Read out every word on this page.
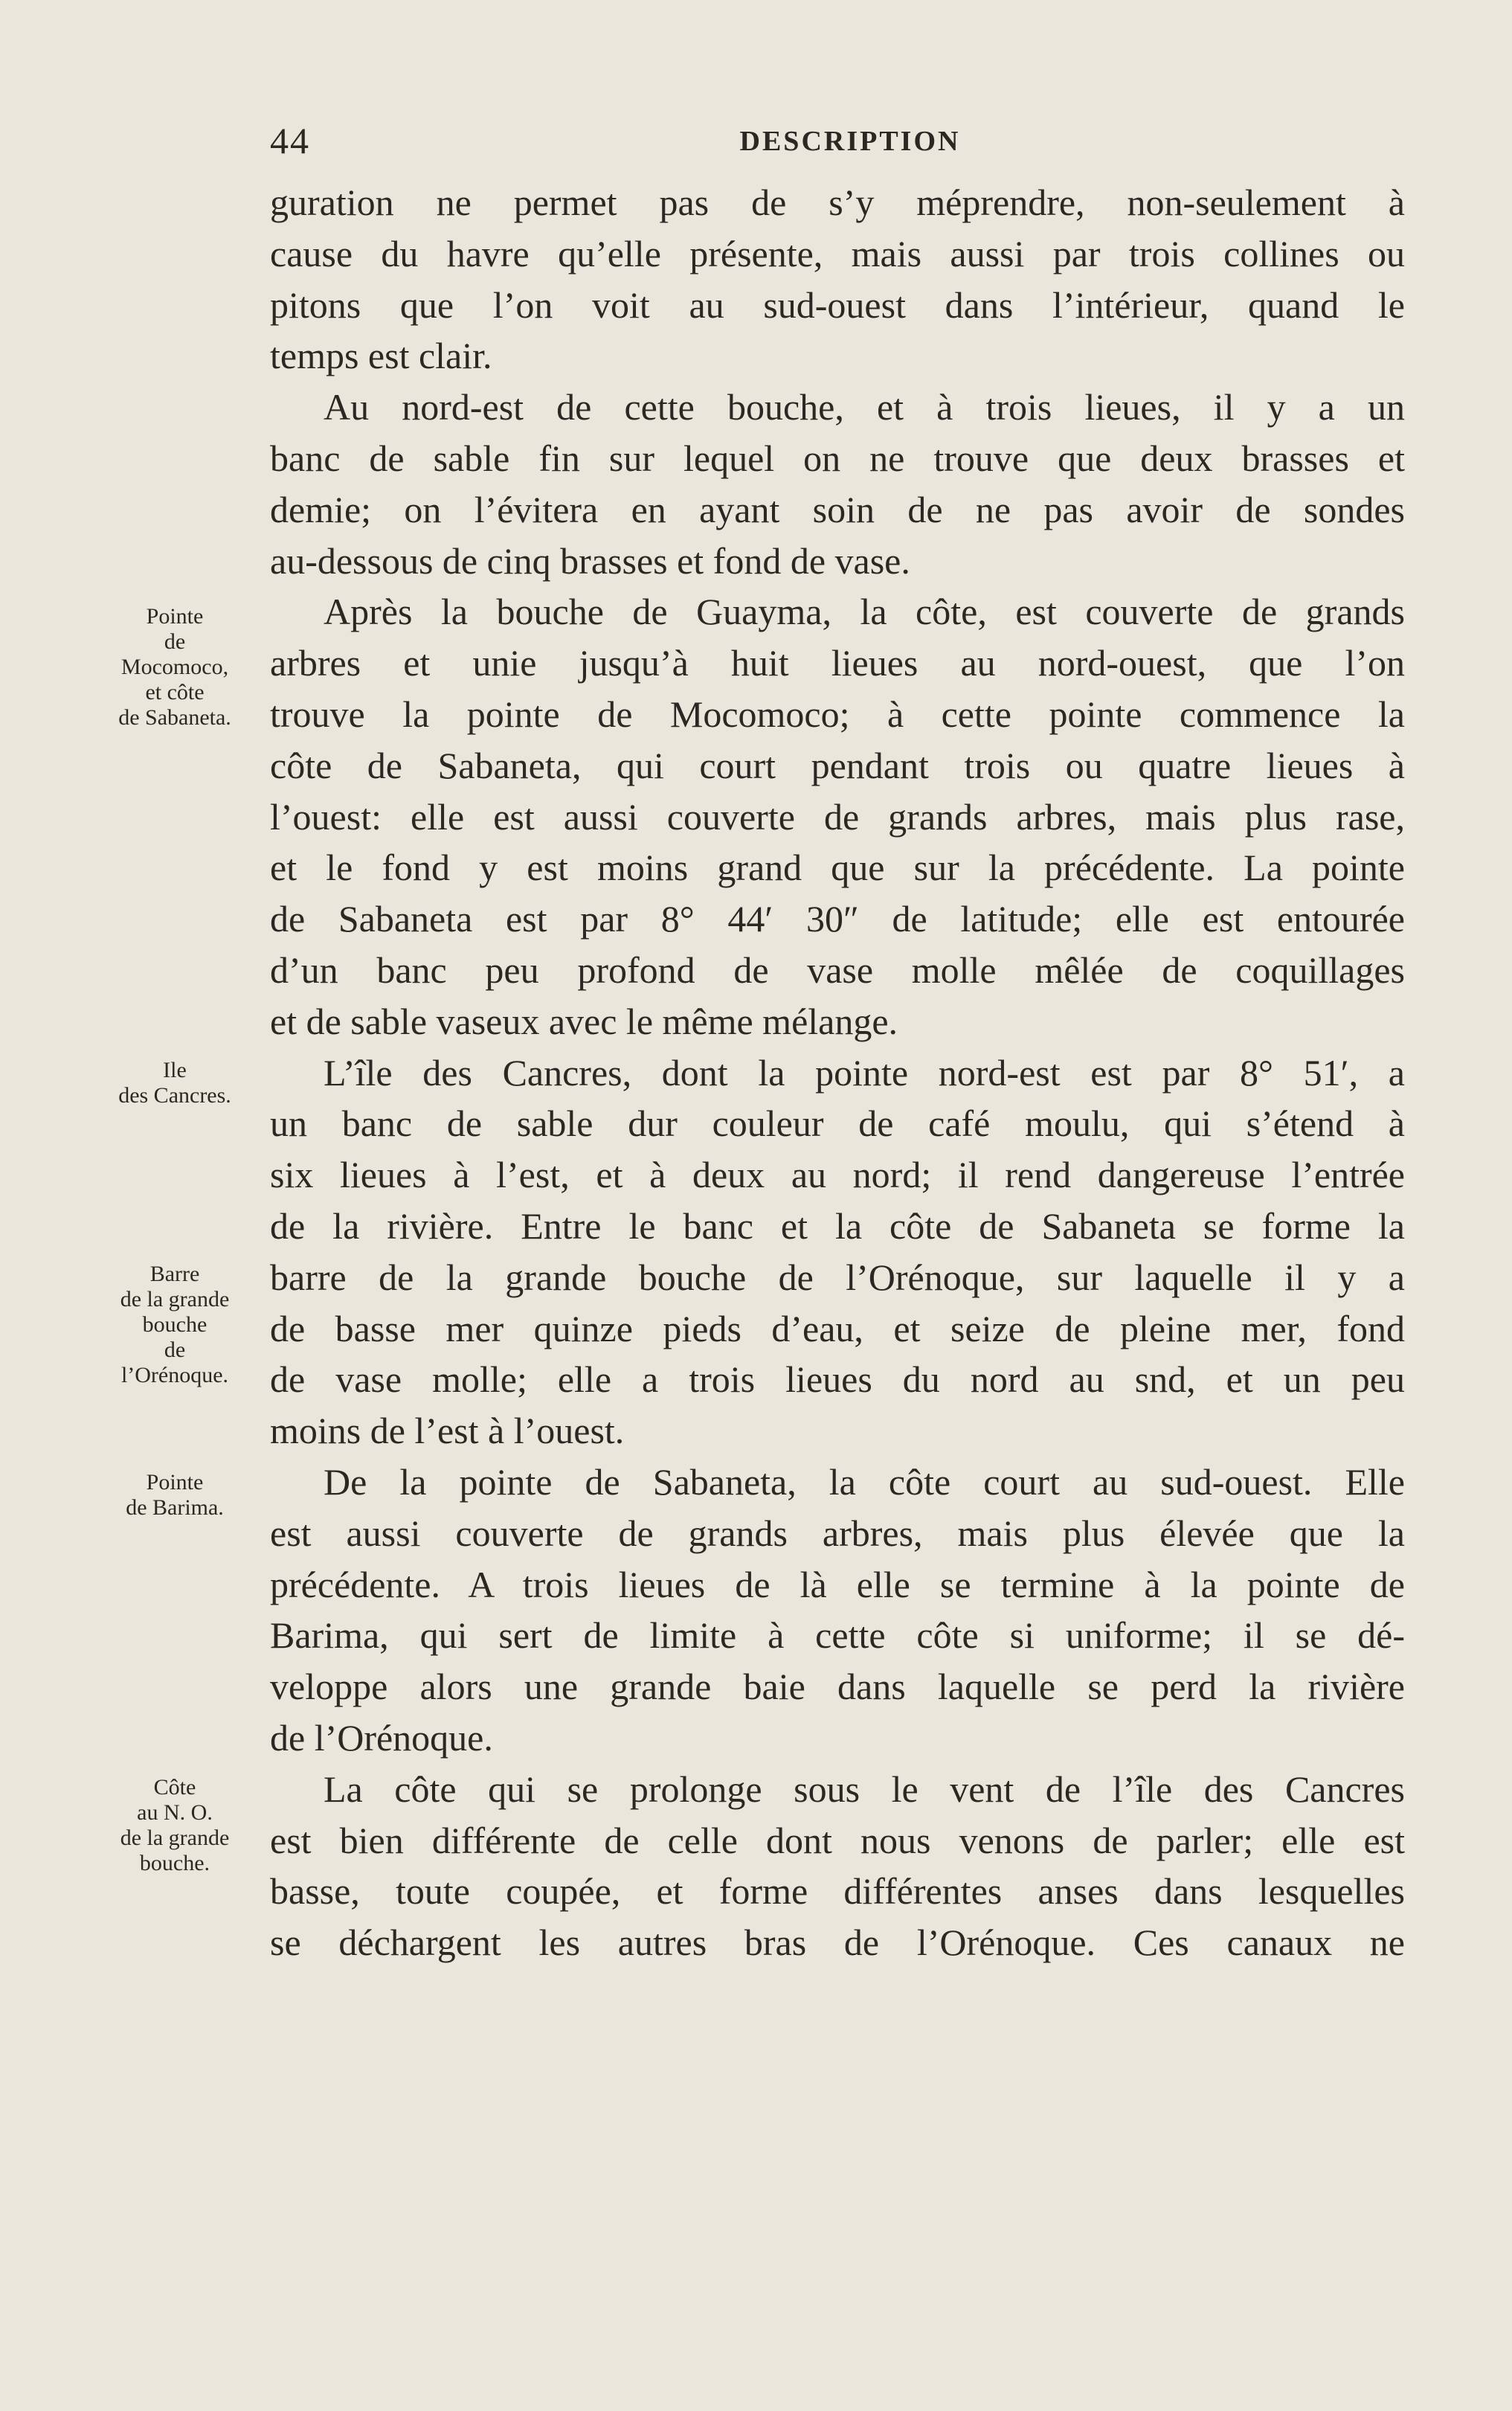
44	DESCRIPTION
guration ne permet pas de s’y méprendre, non-seulement à
cause du havre qu’elle présente, mais aussi par trois collines ou
pitons que l’on voit au sud-ouest dans l’intérieur, quand le
temps est clair.
Au nord-est de cette bouche, et à trois lieues, il y a un
banc de sable fin sur lequel on ne trouve que deux brasses et
demie; on l’évitera en ayant soin de ne pas avoir de sondes
au-dessous de cinq brasses et fond de vase.
Après la bouche de Guayma, la côte, est couverte de grands
arbres et unie jusqu’à huit lieues au nord-ouest, que l’on
trouve la pointe de Mocomoco; à cette pointe commence la
côte de Sabaneta, qui court pendant trois ou quatre lieues à
l’ouest: elle est aussi couverte de grands arbres, mais plus rase,
et le fond y est moins grand que sur la précédente. La pointe
de Sabaneta est par 8° 44′ 30″ de latitude; elle est entourée
d’un banc peu profond de vase molle mêlée de coquillages
et de sable vaseux avec le même mélange.
L’île des Cancres, dont la pointe nord-est est par 8° 51′, a
un banc de sable dur couleur de café moulu, qui s’étend à
six lieues à l’est, et à deux au nord; il rend dangereuse l’entrée
de la rivière. Entre le banc et la côte de Sabaneta se forme la
barre de la grande bouche de l’Orénoque, sur laquelle il y a
de basse mer quinze pieds d’eau, et seize de pleine mer, fond
de vase molle; elle a trois lieues du nord au snd, et un peu
moins de l’est à l’ouest.
De la pointe de Sabaneta, la côte court au sud-ouest. Elle
est aussi couverte de grands arbres, mais plus élevée que la
précédente. A trois lieues de là elle se termine à la pointe de
Barima, qui sert de limite à cette côte si uniforme; il se dé-
veloppe alors une grande baie dans laquelle se perd la rivière
de l’Orénoque.
La côte qui se prolonge sous le vent de l’île des Cancres
est bien différente de celle dont nous venons de parler; elle est
basse, toute coupée, et forme différentes anses dans lesquelles
se déchargent les autres bras de l’Orénoque. Ces canaux ne
Pointe
de
Mocomoco,
et côte
de Sabaneta.
Ile
des Cancres.
Barre
de la grande
bouche
de
l’Orénoque.
Pointe
de Barima.
Côte
au N. O.
de la grande
bouche.
